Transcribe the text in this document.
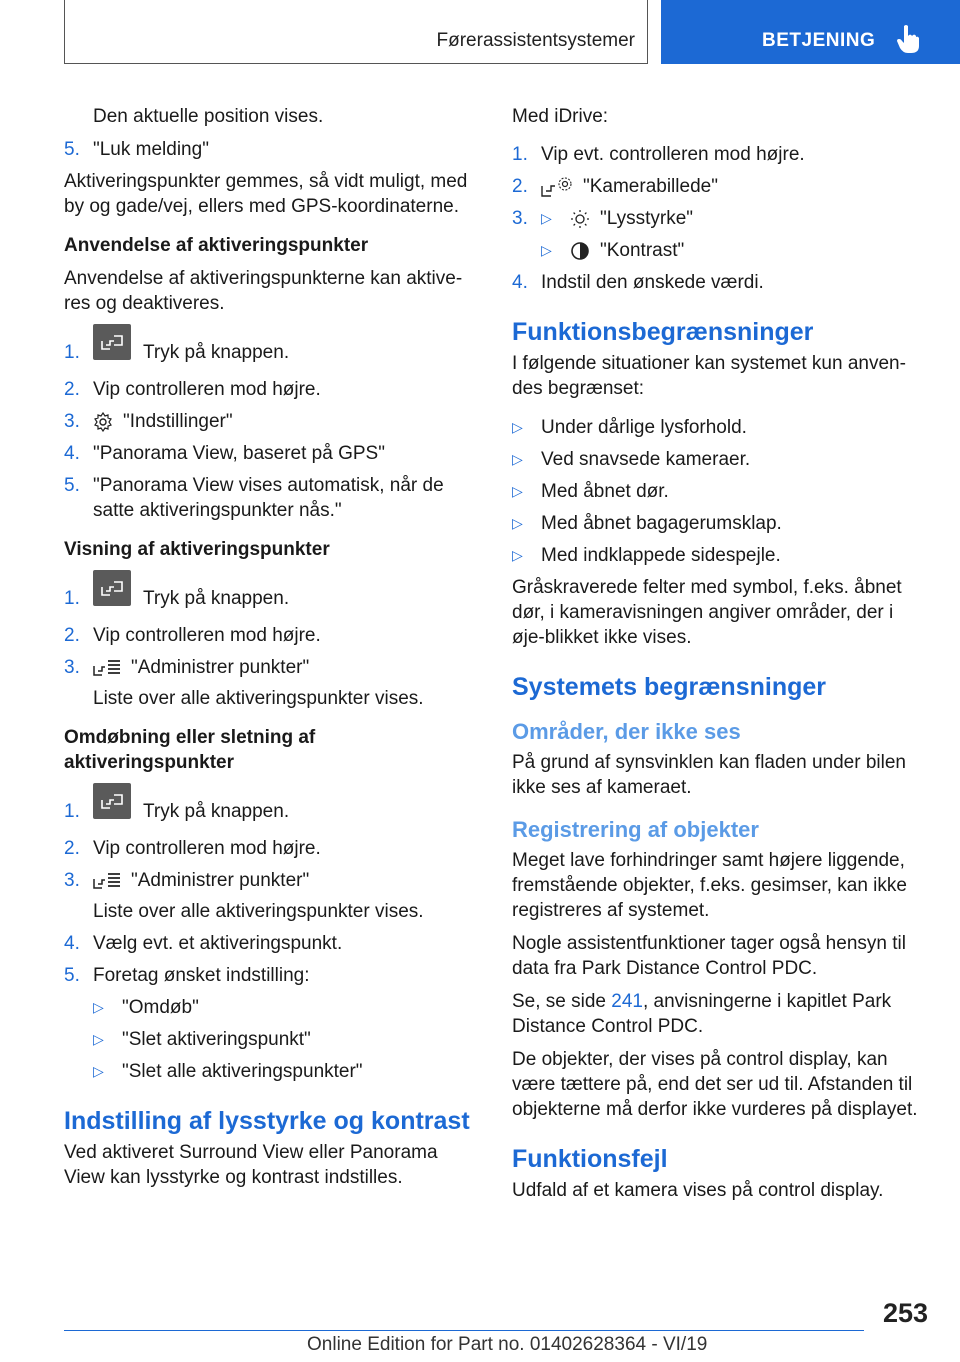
Førerassistentsystemer	BETJENING
Den aktuelle position vises.
5. "Luk melding"
Aktiveringspunkter gemmes, så vidt muligt, med by og gade/vej, ellers med GPS-koordinaterne.
Anvendelse af aktiveringspunkter
Anvendelse af aktiveringspunkterne kan aktive-res og deaktiveres.
1.	Tryk på knappen.
2. Vip controlleren mod højre.
3.	"Indstillinger"
4. "Panorama View, baseret på GPS"
5. "Panorama View vises automatisk, når de
satte aktiveringspunkter nås."
Visning af aktiveringspunkter
1.	Tryk på knappen.
2. Vip controlleren mod højre.
3.	"Administrer punkter"
Liste over alle aktiveringspunkter vises.
Omdøbning eller sletning af aktiveringspunkter
1.	Tryk på knappen.
2. Vip controlleren mod højre.
3.	"Administrer punkter"
Liste over alle aktiveringspunkter vises.
4. Vælg evt. et aktiveringspunkt.
5. Foretag ønsket indstilling:
▷ "Omdøb"
▷ "Slet aktiveringspunkt"
▷ "Slet alle aktiveringspunkter"
Indstilling af lysstyrke og kontrast
Ved aktiveret Surround View eller Panorama View kan lysstyrke og kontrast indstilles.
Med iDrive:
1. Vip evt. controlleren mod højre.
2.	"Kamerabillede"
3. ▷	"Lysstyrke"
▷	"Kontrast"
4. Indstil den ønskede værdi.
Funktionsbegrænsninger
I følgende situationer kan systemet kun anven-des begrænset:
▷ Under dårlige lysforhold.
▷ Ved snavsede kameraer.
▷ Med åbnet dør.
▷ Med åbnet bagagerumsklap.
▷ Med indklappede sidespejle.
Gråskraverede felter med symbol, f.eks. åbnet dør, i kameravisningen angiver områder, der i øje-blikket ikke vises.
Systemets begrænsninger
Områder, der ikke ses
På grund af synsvinklen kan fladen under bilen ikke ses af kameraet.
Registrering af objekter
Meget lave forhindringer samt højere liggende, fremstående objekter, f.eks. gesimser, kan ikke registreres af systemet.
Nogle assistentfunktioner tager også hensyn til data fra Park Distance Control PDC.
Se, se side 241, anvisningerne i kapitlet Park Distance Control PDC.
De objekter, der vises på control display, kan være tættere på, end det ser ud til. Afstanden til objekterne må derfor ikke vurderes på displayet.
Funktionsfejl
Udfald af et kamera vises på control display.
253
Online Edition for Part no. 01402628364 - VI/19
